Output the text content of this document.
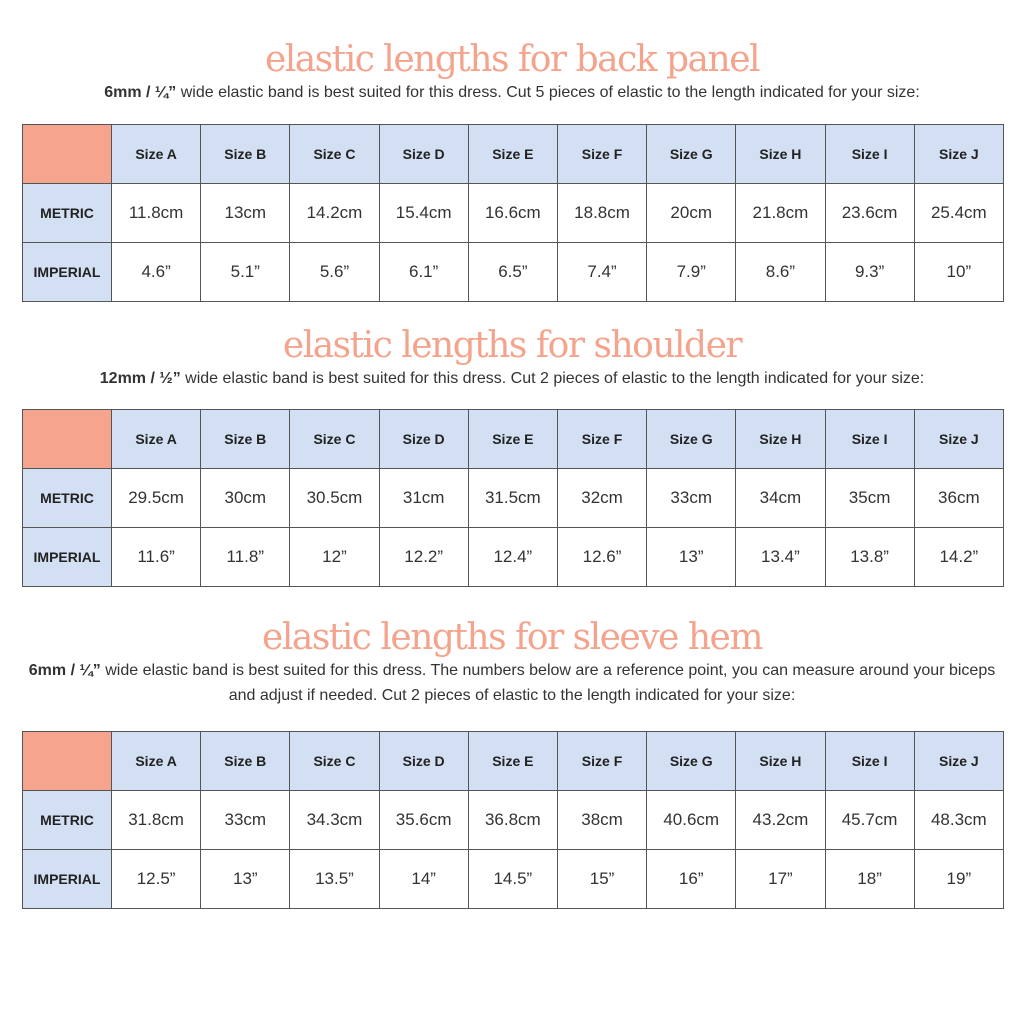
elastic lengths for back panel

6mm / ¼” wide elastic band is best suited for this dress. Cut 5 pieces of elastic to the length indicated for your size:

	Size A	Size B	Size C	Size D	Size E	Size F	Size G	Size H	Size I	Size J
METRIC	11.8cm	13cm	14.2cm	15.4cm	16.6cm	18.8cm	20cm	21.8cm	23.6cm	25.4cm
IMPERIAL	4.6”	5.1”	5.6”	6.1”	6.5”	7.4”	7.9”	8.6”	9.3”	10”
elastic lengths for shoulder

12mm / ½” wide elastic band is best suited for this dress. Cut 2 pieces of elastic to the length indicated for your size:

	Size A	Size B	Size C	Size D	Size E	Size F	Size G	Size H	Size I	Size J
METRIC	29.5cm	30cm	30.5cm	31cm	31.5cm	32cm	33cm	34cm	35cm	36cm
IMPERIAL	11.6”	11.8”	12”	12.2”	12.4”	12.6”	13”	13.4”	13.8”	14.2”
elastic lengths for sleeve hem

6mm / ¼” wide elastic band is best suited for this dress. The numbers below are a reference point, you can measure around your biceps and adjust if needed. Cut 2 pieces of elastic to the length indicated for your size:

	Size A	Size B	Size C	Size D	Size E	Size F	Size G	Size H	Size I	Size J
METRIC	31.8cm	33cm	34.3cm	35.6cm	36.8cm	38cm	40.6cm	43.2cm	45.7cm	48.3cm
IMPERIAL	12.5”	13”	13.5”	14”	14.5”	15”	16”	17”	18”	19”
